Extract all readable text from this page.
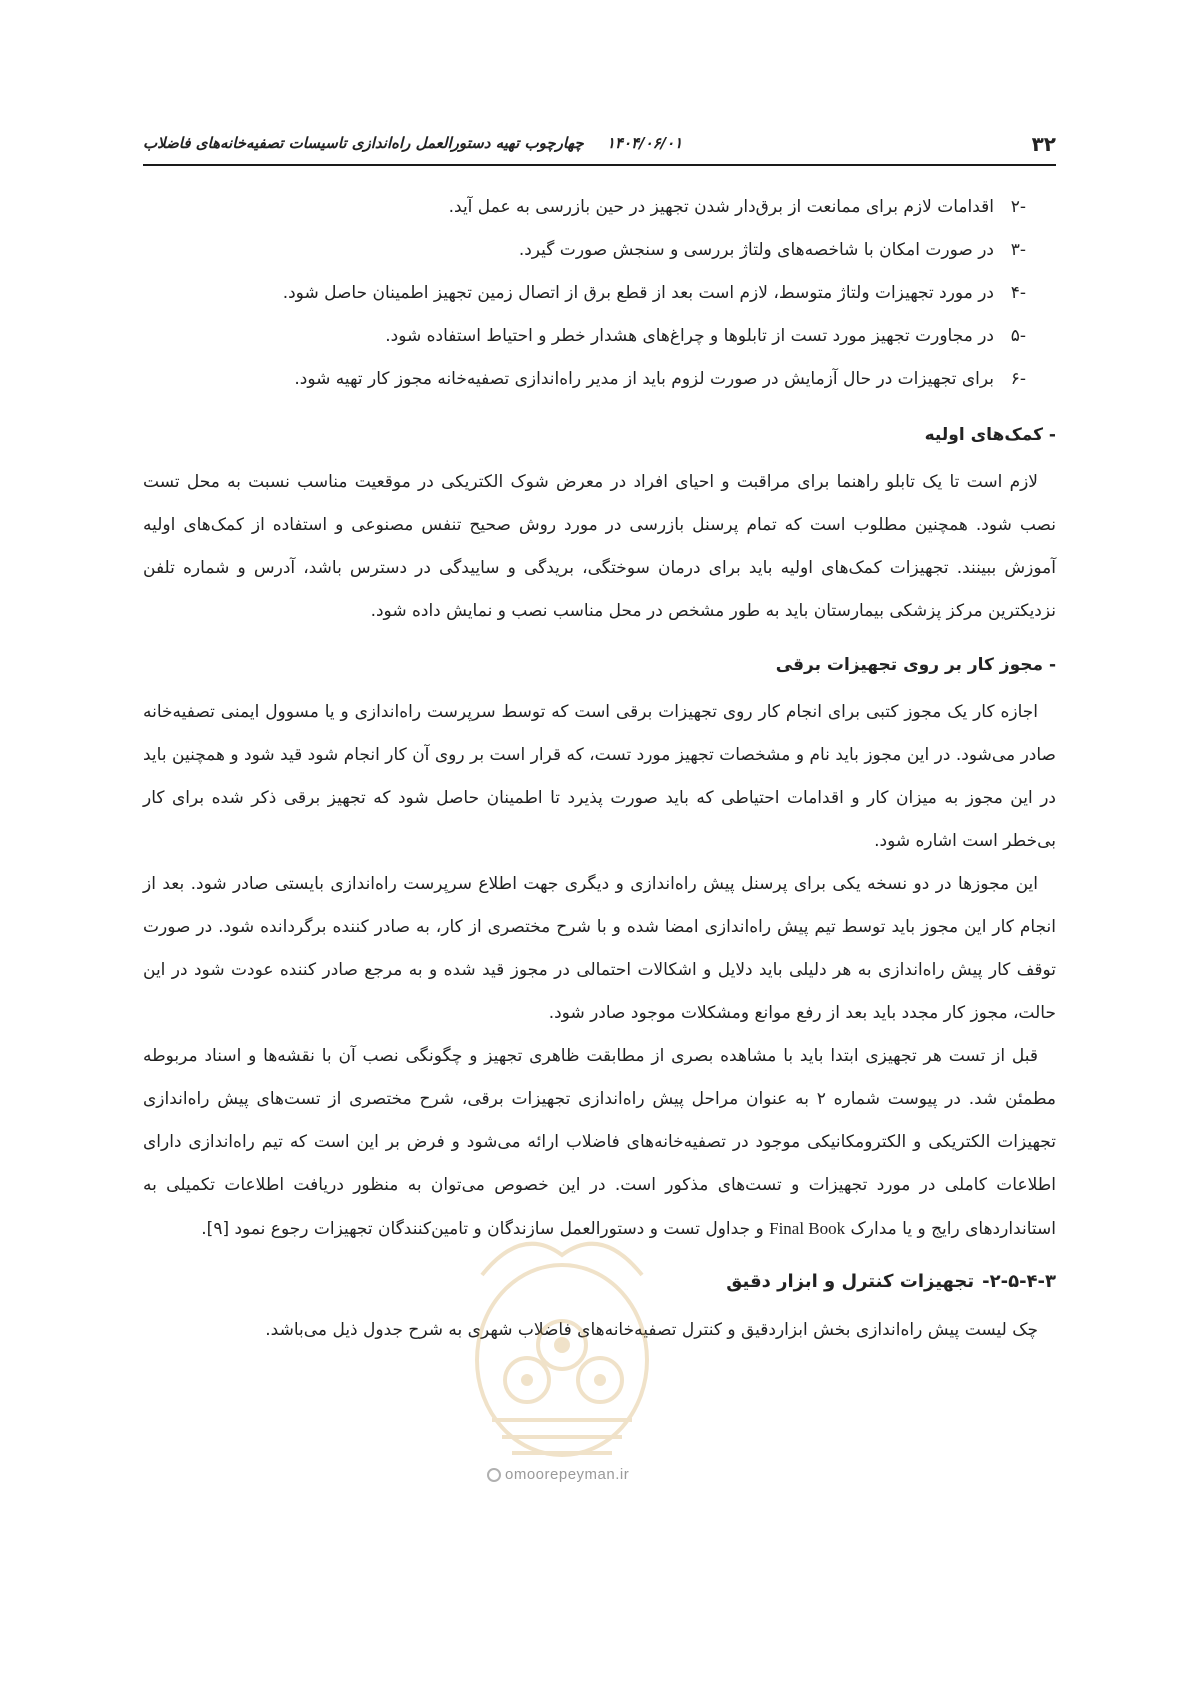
۳۲
۱۴۰۴/۰۶/۰۱ چهارچوب تهیه دستورالعمل راه‌اندازی تاسیسات تصفیه‌خانه‌های فاضلاب
-۲اقدامات لازم برای ممانعت از برق‌دار شدن تجهیز در حین بازرسی به عمل آید.
-۳در صورت امکان با شاخصه‌های ولتاژ بررسی و سنجش صورت گیرد.
-۴در مورد تجهیزات ولتاژ متوسط، لازم است بعد از قطع برق از اتصال زمین تجهیز اطمینان حاصل شود.
-۵در مجاورت تجهیز مورد تست از تابلوها و چراغ‌های هشدار خطر و احتیاط استفاده شود.
-۶برای تجهیزات در حال آزمایش در صورت لزوم باید از مدیر راه‌اندازی تصفیه‌خانه مجوز کار تهیه شود.
- کمک‌های اولیه

لازم است تا یک تابلو راهنما برای مراقبت و احیای افراد در معرض شوک الکتریکی در موقعیت مناسب نسبت به محل تست نصب شود. همچنین مطلوب است که تمام پرسنل بازرسی در مورد روش صحیح تنفس مصنوعی و استفاده از کمک‌های اولیه آموزش ببینند. تجهیزات کمک‌های اولیه باید برای درمان سوختگی، بریدگی و ساییدگی در دسترس باشد، آدرس و شماره تلفن نزدیکترین مرکز پزشکی بیمارستان باید به طور مشخص در محل مناسب نصب و نمایش داده شود.

- مجوز کار بر روی تجهیزات برقی

اجازه کار یک مجوز کتبی برای انجام کار روی تجهیزات برقی است که توسط سرپرست راه‌اندازی و یا مسوول ایمنی تصفیه‌خانه صادر می‌شود. در این مجوز باید نام و مشخصات تجهیز مورد تست، که قرار است بر روی آن کار انجام شود قید شود و همچنین باید در این مجوز به میزان کار و اقدامات احتیاطی که باید صورت پذیرد تا اطمینان حاصل شود که تجهیز برقی ذکر شده برای کار بی‌خطر است اشاره شود.

این مجوزها در دو نسخه یکی برای پرسنل پیش راه‌اندازی و دیگری جهت اطلاع سرپرست راه‌اندازی بایستی صادر شود. بعد از انجام کار این مجوز باید توسط تیم پیش راه‌اندازی امضا شده و با شرح مختصری از کار، به صادر کننده برگردانده شود. در صورت توقف کار پیش راه‌اندازی به هر دلیلی باید دلایل و اشکالات احتمالی در مجوز قید شده و به مرجع صادر کننده عودت شود در این حالت، مجوز کار مجدد باید بعد از رفع موانع ومشکلات موجود صادر شود.

قبل از تست هر تجهیزی ابتدا باید با مشاهده بصری از مطابقت ظاهری تجهیز و چگونگی نصب آن با نقشه‌ها و اسناد مربوطه مطمئن شد. در پیوست شماره ۲ به عنوان مراحل پیش راه‌اندازی تجهیزات برقی، شرح مختصری از تست‌های پیش راه‌اندازی تجهیزات الکتریکی و الکترومکانیکی موجود در تصفیه‌خانه‌های فاضلاب ارائه می‌شود و فرض بر این است که تیم راه‌اندازی دارای اطلاعات کاملی در مورد تجهیزات و تست‌های مذکور است. در این خصوص می‌توان به منظور دریافت اطلاعات تکمیلی به استانداردهای رایج و یا مدارک Final Book و جداول تست و دستورالعمل سازندگان و تامین‌کنندگان تجهیزات رجوع نمود [۹].

۲-۵-۴-۳-تجهیزات کنترل و ابزار دقیق

چک لیست پیش راه‌اندازی بخش ابزاردقیق و کنترل تصفیه‌خانه‌های فاضلاب شهری به شرح جدول ذیل می‌باشد.

omoorepeyman.ir
